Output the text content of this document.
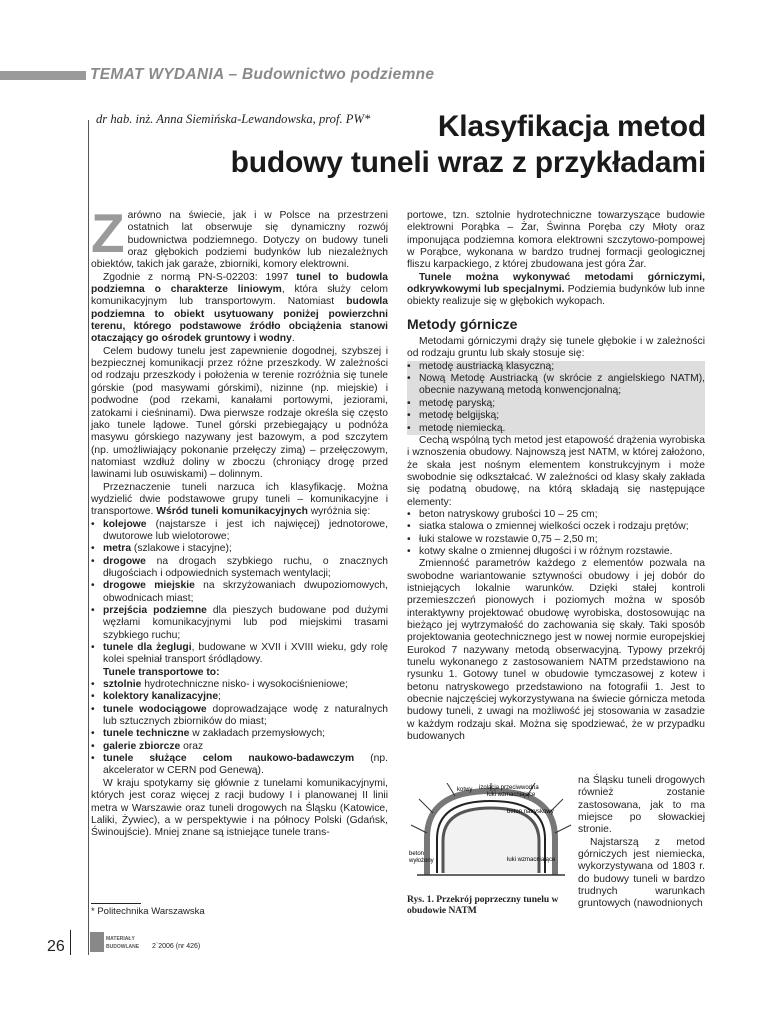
TEMAT WYDANIA – Budownictwo podziemne
dr hab. inż. Anna Siemińska-Lewandowska, prof. PW* Klasyfikacja metod
budowy tuneli wraz z przykładami

Zarówno na świecie, jak i w Polsce na przestrzeni ostatnich lat obserwuje się dynamiczny rozwój budownictwa podziemnego. Dotyczy on budowy tuneli oraz głębokich podziemi budynków lub niezależnych obiektów, takich jak garaże, zbiorniki, komory elektrowni.

Zgodnie z normą PN-S-02203: 1997 tunel to budowla podziemna o charakterze liniowym, która służy celom komunikacyjnym lub transportowym. Natomiast budowla podziemna to obiekt usytuowany poniżej powierzchni terenu, którego podstawowe źródło obciążenia stanowi otaczający go ośrodek gruntowy i wodny.

Celem budowy tunelu jest zapewnienie dogodnej, szybszej i bezpiecznej komunikacji przez różne przeszkody. W zależności od rodzaju przeszkody i położenia w terenie rozróżnia się tunele górskie (pod masywami górskimi), nizinne (np. miejskie) i podwodne (pod rzekami, kanałami portowymi, jeziorami, zatokami i cieśninami). Dwa pierwsze rodzaje określa się często jako tunele lądowe. Tunel górski przebiegający u podnóża masywu górskiego nazywany jest bazowym, a pod szczytem (np. umożliwiający pokonanie przełęczy zimą) – przełęczowym, natomiast wzdłuż doliny w zboczu (chroniący drogę przed lawinami lub osuwiskami) – dolinnym.

Przeznaczenie tuneli narzuca ich klasyfikację. Można wydzielić dwie podstawowe grupy tuneli – komunikacyjne i transportowe. Wśród tuneli komunikacyjnych wyróżnia się:

• kolejowe (najstarsze i jest ich najwięcej) jednotorowe, dwutorowe lub wielotorowe;
• metra (szlakowe i stacyjne);
• drogowe na drogach szybkiego ruchu, o znacznych długościach i odpowiednich systemach wentylacji;
• drogowe miejskie na skrzyżowaniach dwupoziomowych, obwodnicach miast;
• przejścia podziemne dla pieszych budowane pod dużymi węzłami komunikacyjnymi lub pod miejskimi trasami szybkiego ruchu;
• tunele dla żeglugi, budowane w XVII i XVIII wieku, gdy rolę kolei spełniał transport śródlądowy.

Tunele transportowe to:

• sztolnie hydrotechniczne nisko- i wysokociśnieniowe;
• kolektory kanalizacyjne;
• tunele wodociągowe doprowadzające wodę z naturalnych lub sztucznych zbiorników do miast;
• tunele techniczne w zakładach przemysłowych;
• galerie zbiorcze oraz
• tunele służące celom naukowo-badawczym (np. akcelerator w CERN pod Genewą).

W kraju spotykamy się głównie z tunelami komunikacyjnymi, których jest coraz więcej z racji budowy I i planowanej II linii metra w Warszawie oraz tuneli drogowych na Śląsku (Katowice, Laliki, Żywiec), a w perspektywie i na północy Polski (Gdańsk, Świnoujście). Mniej znane są istniejące tunele trans-

portowe, tzn. sztolnie hydrotechniczne towarzyszące budowie elektrowni Porąbka – Żar, Świnna Poręba czy Młoty oraz imponująca podziemna komora elektrowni szczytowo-pompowej w Porąbce, wykonana w bardzo trudnej formacji geologicznej fliszu karpackiego, z której zbudowana jest góra Żar.

Tunele można wykonywać metodami górniczymi, odkrywkowymi lub specjalnymi. Podziemia budynków lub inne obiekty realizuje się w głębokich wykopach.

Metody górnicze

Metodami górniczymi drąży się tunele głębokie i w zależności od rodzaju gruntu lub skały stosuje się:

• metodę austriacką klasyczną;
• Nową Metodę Austriacką (w skrócie z angielskiego NATM), obecnie nazywaną metodą konwencjonalną;
• metodę paryską;
• metodę belgijską;
• metodę niemiecką.

Cechą wspólną tych metod jest etapowość drążenia wyrobiska i wznoszenia obudowy. Najnowszą jest NATM, w której założono, że skała jest nośnym elementem konstrukcyjnym i może swobodnie się odkształcać. W zależności od klasy skały zakłada się podatną obudowę, na którą składają się następujące elementy:

• beton natryskowy grubości 10 – 25 cm;
• siatka stalowa o zmiennej wielkości oczek i rodzaju prętów;
• łuki stalowe w rozstawie 0,75 – 2,50 m;
• kotwy skalne o zmiennej długości i w różnym rozstawie.

Zmienność parametrów każdego z elementów pozwala na swobodne wariantowanie sztywności obudowy i jej dobór do istniejących lokalnie warunków. Dzięki stałej kontroli przemieszczeń pionowych i poziomych można w sposób interaktywny projektować obudowę wyrobiska, dostosowując na bieżąco jej wytrzymałość do zachowania się skały. Taki sposób projektowania geotechnicznego jest w nowej normie europejskiej Eurokod 7 nazywany metodą obserwacyjną. Typowy przekrój tunelu wykonanego z zastosowaniem NATM przedstawiono na rysunku 1. Gotowy tunel w obudowie tymczasowej z kotew i betonu natryskowego przedstawiono na fotografii 1. Jest to obecnie najczęściej wykorzystywana na świecie górnicza metoda budowy tuneli, z uwagi na możliwość jej stosowania w zasadzie w każdym rodzaju skał. Można się spodziewać, że w przypadku budowanych

kotwy izolacja przeciwwodna
łuki wzmacniające
beton natryskowy
beton
wyłożony	łuki wzmacniające

na Śląsku tuneli drogowych również zostanie zastosowana, jak to ma miejsce po słowackiej stronie.

Najstarszą z metod górniczych jest niemiecka, wykorzystywana od 1803 r. do budowy tuneli w bardzo trudnych warunkach gruntowych (nawodnionych

Rys. 1. Przekrój poprzeczny tunelu w obudowie NATM
* Politechnika Warszawska
26	MATERIAŁY
BUDOWLANE 2`2006 (nr 426)
